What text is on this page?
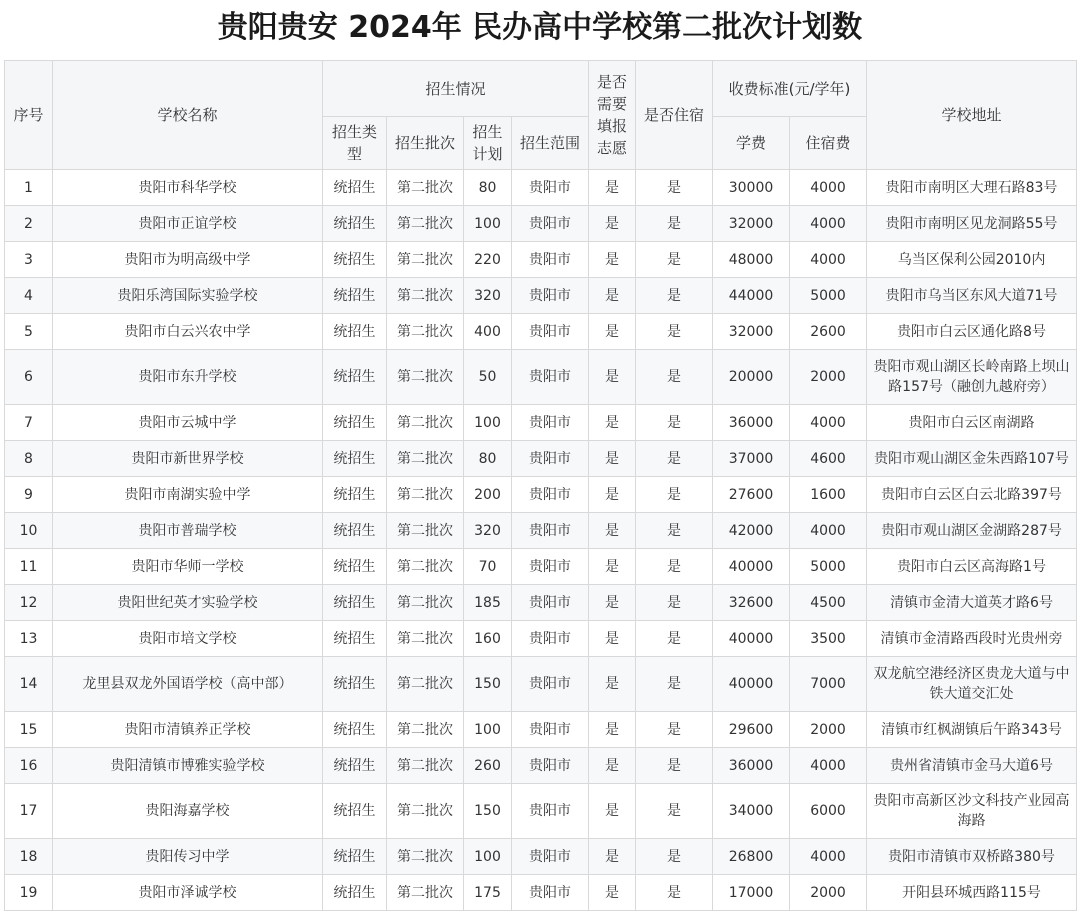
贵阳贵安 2024年 民办高中学校第二批次计划数
序号	学校名称	招生情况				是否需要填报志愿	是否住宿	收费标准(元/学年)		学校地址
		招生类型	招生批次	招生计划	招生范围			学费	住宿费	
1	贵阳市科华学校	统招生	第二批次	80	贵阳市	是	是	30000	4000	贵阳市南明区大理石路83号
2	贵阳市正谊学校	统招生	第二批次	100	贵阳市	是	是	32000	4000	贵阳市南明区见龙洞路55号
3	贵阳市为明高级中学	统招生	第二批次	220	贵阳市	是	是	48000	4000	乌当区保利公园2010内
4	贵阳乐湾国际实验学校	统招生	第二批次	320	贵阳市	是	是	44000	5000	贵阳市乌当区东风大道71号
5	贵阳市白云兴农中学	统招生	第二批次	400	贵阳市	是	是	32000	2600	贵阳市白云区通化路8号
6	贵阳市东升学校	统招生	第二批次	50	贵阳市	是	是	20000	2000	贵阳市观山湖区长岭南路上坝山路157号（融创九越府旁）
7	贵阳市云城中学	统招生	第二批次	100	贵阳市	是	是	36000	4000	贵阳市白云区南湖路
8	贵阳市新世界学校	统招生	第二批次	80	贵阳市	是	是	37000	4600	贵阳市观山湖区金朱西路107号
9	贵阳市南湖实验中学	统招生	第二批次	200	贵阳市	是	是	27600	1600	贵阳市白云区白云北路397号
10	贵阳市普瑞学校	统招生	第二批次	320	贵阳市	是	是	42000	4000	贵阳市观山湖区金湖路287号
11	贵阳市华师一学校	统招生	第二批次	70	贵阳市	是	是	40000	5000	贵阳市白云区高海路1号
12	贵阳世纪英才实验学校	统招生	第二批次	185	贵阳市	是	是	32600	4500	清镇市金清大道英才路6号
13	贵阳市培文学校	统招生	第二批次	160	贵阳市	是	是	40000	3500	清镇市金清路西段时光贵州旁
14	龙里县双龙外国语学校（高中部）	统招生	第二批次	150	贵阳市	是	是	40000	7000	双龙航空港经济区贵龙大道与中铁大道交汇处
15	贵阳市清镇养正学校	统招生	第二批次	100	贵阳市	是	是	29600	2000	清镇市红枫湖镇后午路343号
16	贵阳清镇市博雅实验学校	统招生	第二批次	260	贵阳市	是	是	36000	4000	贵州省清镇市金马大道6号
17	贵阳海嘉学校	统招生	第二批次	150	贵阳市	是	是	34000	6000	贵阳市高新区沙文科技产业园高海路
18	贵阳传习中学	统招生	第二批次	100	贵阳市	是	是	26800	4000	贵阳市清镇市双桥路380号
19	贵阳市泽诚学校	统招生	第二批次	175	贵阳市	是	是	17000	2000	开阳县环城西路115号
